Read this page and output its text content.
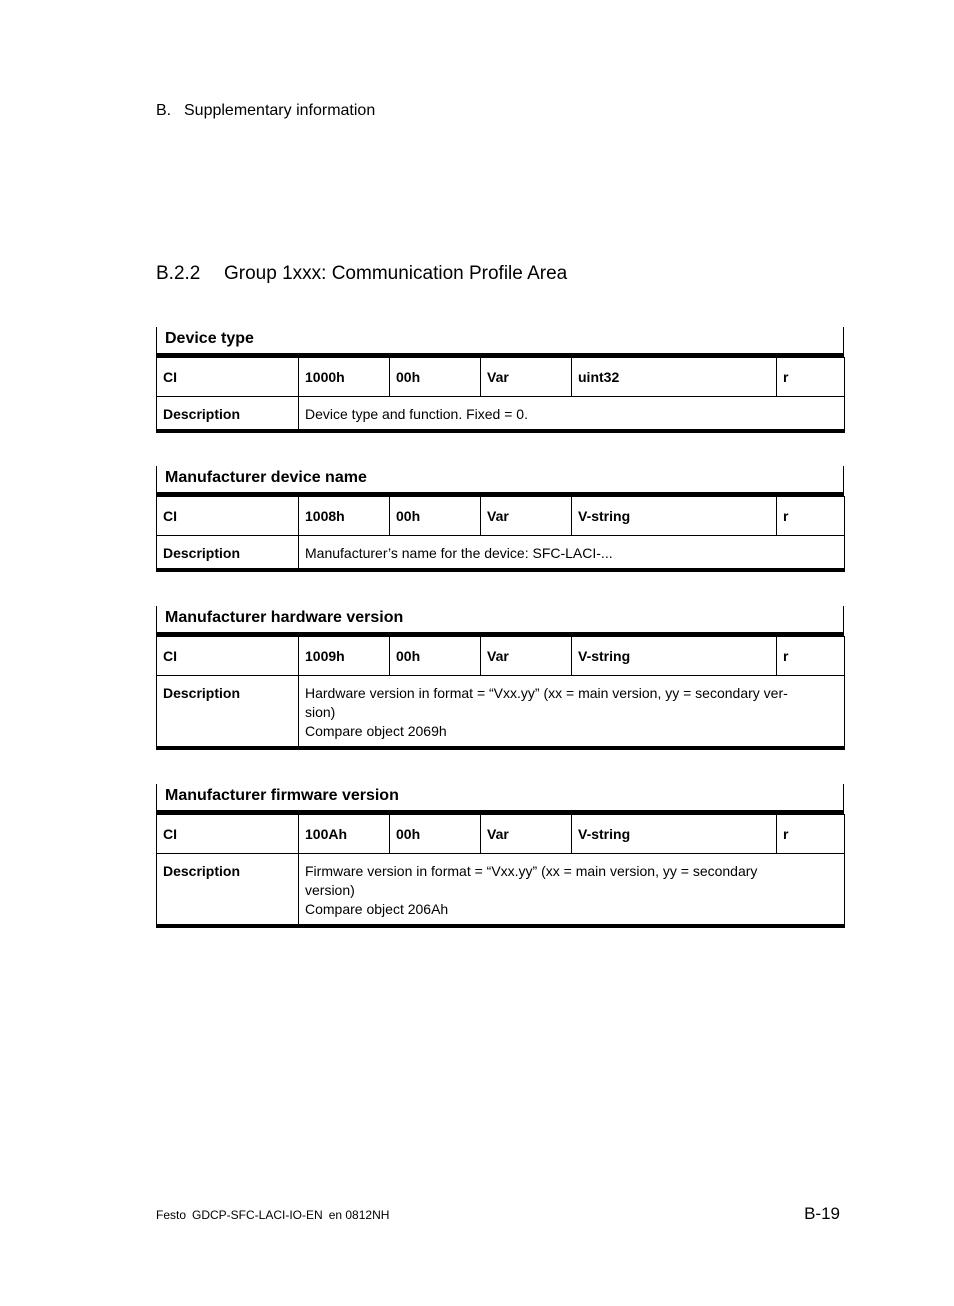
B. Supplementary information
B.2.2 Group 1xxx: Communication Profile Area
Device type
CI	1000h	00h	Var	uint32	r
Description	Device type and function. Fixed = 0.				
Manufacturer device name
CI	1008h	00h	Var	V-string	r
Description	Manufacturer’s name for the device: SFC-LACI-...				
Manufacturer hardware version
CI	1009h	00h	Var	V-string	r
Description	Hardware version in format = “Vxx.yy” (xx = main version, yy = secondary ver-
sion)
Compare object 2069h				
Manufacturer firmware version
CI	100Ah	00h	Var	V-string	r
Description	Firmware version in format = “Vxx.yy” (xx = main version, yy = secondary
version)
Compare object 206Ah				
Festo GDCP-SFC-LACI-IO-EN en 0812NH	B-19
